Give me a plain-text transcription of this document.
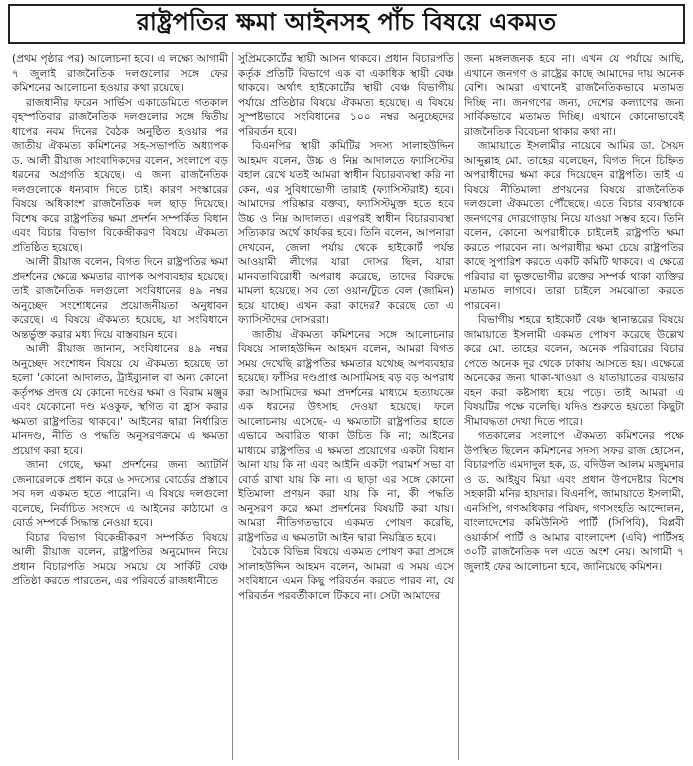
রাষ্ট্রপতির ক্ষমা আইনসহ পাঁচ বিষয়ে একমত

(প্রথম পৃষ্ঠার পর) আলোচনা হবে। এ লক্ষ্যে আগামী ৭ জুলাই রাজনৈতিক দলগুলোর সঙ্গে ফের কমিশনের আলোচনা হওয়ার কথা রয়েছে।

রাজধানীর ফরেন সার্ভিস একাডেমিতে গতকাল বৃহস্পতিবার রাজনৈতিক দলগুলোর সঙ্গে দ্বিতীয় ধাপের নবম দিনের বৈঠক অনুষ্ঠিত হওয়ার পর জাতীয় ঐকমত্য কমিশনের সহ-সভাপতি অধ্যাপক ড. আলী রীয়াজ সাংবাদিকদের বলেন, সংলাপে বড় ধরনের অগ্রগতি হয়েছে। এ জন্য রাজনৈতিক দলগুলোকে ধন্যবাদ দিতে চাই। কারণ সংস্কারের বিষয়ে অধিকাংশ রাজনৈতিক দল ছাড় দিয়েছে। বিশেষ করে রাষ্ট্রপতির ক্ষমা প্রদর্শন সম্পর্কিত বিধান এবং বিচার বিভাগ বিকেন্দ্রীকরণ বিষয়ে ঐকমত্য প্রতিষ্ঠিত হয়েছে।

আলী রীয়াজ বলেন, বিগত দিনে রাষ্ট্রপতির ক্ষমা প্রদর্শনের ক্ষেত্রে ক্ষমতার ব্যাপক অপব্যবহার হয়েছে। তাই রাজনৈতিক দলগুলো সংবিধানের ৪৯ নম্বর অনুচ্ছেদ সংশোধনের প্রয়োজনীয়তা অনুধাবন করেছে। এ বিষয়ে ঐকমত্য হয়েছে, যা সংবিধানে অন্তর্ভুক্ত করার মধ্য দিয়ে বাস্তবায়ন হবে।

আলী রীয়াজ জানান, সংবিধানের ৪৯ নম্বর অনুচ্ছেদ সংশোধন বিষয়ে যে ঐকমত্য হয়েছে তা হলো 'কোনো আদালত, ট্রাইব্যুনাল বা অন্য কোনো কর্তৃপক্ষ প্রদত্ত যে কোনো দণ্ডের ক্ষমা ও বিরাম মঞ্জুর এবং যেকোনো দণ্ড মওকুফ, স্থগিত বা হ্রাস করার ক্ষমতা রাষ্ট্রপতির থাকবে।' আইনের দ্বারা নির্ধারিত মানদণ্ড, নীতি ও পদ্ধতি অনুসরণক্রমে এ ক্ষমতা প্রয়োগ করা হবে।

জানা গেছে, ক্ষমা প্রদর্শনের জন্য অ্যাটর্নি জেনারেলকে প্রধান করে ৬ সদস্যের বোর্ডের প্রস্তাবে সব দল একমত হতে পারেনি। এ বিষয়ে দলগুলো বলেছে, নির্বাচিত সংসদে এ আইনের কাঠামো ও বোর্ড সম্পর্কে সিদ্ধান্ত নেওয়া হবে।

বিচার বিভাগ বিকেন্দ্রীকরণ সম্পর্কিত বিষয়ে আলী রীয়াজ বলেন, রাষ্ট্রপতির অনুমোদন নিয়ে প্রধান বিচারপতি সময়ে সময়ে যে সার্কিট বেঞ্চ প্রতিষ্ঠা করতে পারতেন, এর পরিবর্তে রাজধানীতে

সুপ্রিমকোর্টের স্থায়ী আসন থাকবে। প্রধান বিচারপতি কর্তৃক প্রতিটি বিভাগে এক বা একাধিক স্থায়ী বেঞ্চ থাকবে। অর্থাৎ হাইকোর্টের স্থায়ী বেঞ্চ বিভাগীয় পর্যায়ে প্রতিষ্ঠার বিষয়ে ঐকমত্য হয়েছে। এ বিষয়ে সুস্পষ্টভাবে সংবিধানের ১০০ নম্বর অনুচ্ছেদের পরিবর্তন হবে।

বিএনপির স্থায়ী কমিটির সদস্য সালাহউদ্দিন আহমদ বলেন, উচ্চ ও নিম্ন আদালতে ফ্যাসিস্টের বহাল রেখে যতই আমরা স্বাধীন বিচারব্যবস্থা করি না কেন, এর সুবিধাভোগী তারাই (ফ্যাসিস্টরাই) হবে। আমাদের পরিষ্কার বক্তব্য, ফ্যাসিস্টমুক্ত হতে হবে উচ্চ ও নিম্ন আদালত। এরপরই স্বাধীন বিচারব্যবস্থা সত্যিকার অর্থে কার্যকর হবে। তিনি বলেন, আপনারা দেখবেন, জেলা পর্যায় থেকে হাইকোর্ট পর্যন্ত আওয়ামী লীগের যারা দোসর ছিল, যারা মানবতাবিরোধী অপরাধ করেছে, তাদের বিরুদ্ধে মামলা হয়েছে। সব তো ওয়ান/টুতে বেল (জামিন) হয়ে যাচ্ছে। এখন করা কাদের? করেছে তো এ ফ্যাসিস্টদের দোসররা।

জাতীয় ঐকমত্য কমিশনের সঙ্গে আলোচনার বিষয়ে সালাহউদ্দিন আহমদ বলেন, আমরা বিগত সময় দেখেছি রাষ্ট্রপতির ক্ষমতার যথেচ্ছ অপব্যবহার হয়েছে। ফাঁসির দণ্ডপ্রাপ্ত আসামিসহ বড় বড় অপরাধ করা আসামিদের ক্ষমা প্রদর্শনের মাধ্যমে হত্যাযজ্ঞে এক ধরনের উৎসাহ দেওয়া হয়েছে। ফলে আলোচনায় এসেছে- এ ক্ষমতাটা রাষ্ট্রপতির হাতে এভাবে অবারিত থাকা উচিত কি না; আইনের মাধ্যমে রাষ্ট্রপতির এ ক্ষমতা প্রয়োগের একটা বিধান আনা যায় কি না এবং আইনি একটা পরামর্শ সভা বা বোর্ড রাখা যায় কি না। এ ছাড়া এর সঙ্গে কোনো ইতিমালা প্রণয়ন করা যায় কি না, কী পদ্ধতি অনুসরণ করে ক্ষমা প্রদর্শনের বিষয়টি করা যায়। আমরা নীতিগতভাবে একমত পোষণ করেছি, রাষ্ট্রপতির এ ক্ষমতাটা আইন দ্বারা নিয়ন্ত্রিত হবে।

বৈঠকে বিভিন্ন বিষয়ে একমত পোষণ করা প্রসঙ্গে সালাহউদ্দিন আহমদ বলেন, আমরা এ সময় এসে সংবিধানে এমন কিছু পরিবর্তন করতে পারব না, যে পরিবর্তন পরবর্তীকালে টিকবে না। সেটা আমাদের

জন্য মঙ্গলজনক হবে না। এখন যে পর্যায়ে আছি, এখানে জনগণ ও রাষ্ট্রের কাছে আমাদের দায় অনেক বেশি। আমরা এখানেই রাজনৈতিকভাবে মতামত দিচ্ছি না। জনগণের জন্য, দেশের কল্যাণের জন্য সার্বিকভাবে মতামত দিচ্ছি। এখানে কোনোভাবেই রাজনৈতিক বিবেচনা থাকার কথা না।

জামায়াতে ইসলামীর নায়েবে আমির ডা. সৈয়দ আব্দুল্লাহ মো. তাহের বলেছেন, বিগত দিনে চিহ্নিত অপরাধীদের ক্ষমা করে দিয়েছেন রাষ্ট্রপতি। তাই এ বিষয়ে নীতিমালা প্রণয়নের বিষয়ে রাজনৈতিক দলগুলো ঐকমত্যে পৌঁছেছে। এতে বিচার ব্যবস্থাকে জনগণের দোরগোড়ায় নিয়ে যাওয়া সম্ভব হবে। তিনি বলেন, কোনো অপরাধীকে চাইলেই রাষ্ট্রপতি ক্ষমা করতে পারবেন না। অপরাধীর ক্ষমা চেয়ে রাষ্ট্রপতির কাছে সুপারিশ করতে একটি কমিটি থাকবে। এ ক্ষেত্রে পরিবার বা ভুক্তভোগীর রক্তের সম্পর্ক থাকা ব্যক্তির মতামত লাগবে। তারা চাইলে সমঝোতা করতে পারবেন।

বিভাগীয় শহরে হাইকোর্ট বেঞ্চ স্থানান্তরের বিষয়ে জামায়াতে ইসলামী একমত পোষণ করেছে উল্লেখ করে মো. তাহের বলেন, অনেক পরিবারের বিচার পেতে অনেক দূর থেকে ঢাকায় আসতে হয়। এক্ষেত্রে অনেকের জন্য থাকা-খাওয়া ও যাতায়াতের ব্যয়ভার বহন করা কষ্টসাধ্য হয়ে পড়ে। তাই আমরা এ বিষয়টির পক্ষে বলেছি। যদিও শুরুতে হয়তো কিছুটা সীমাবদ্ধতা দেখা দিতে পারে।

গতকালের সংলাপে ঐকমত্য কমিশনের পক্ষে উপস্থিত ছিলেন কমিশনের সদস্য সফর রাজ হোসেন, বিচারপতি এমদাদুল হক, ড. বদিউল আলম মজুমদার ও ড. আইয়ুব মিয়া এবং প্রধান উপদেষ্টার বিশেষ সহকারী মনির হায়দার। বিএনপি, জামায়াতে ইসলামী, এনসিপি, গণঅধিকার পরিষদ, গণসংহতি আন্দোলন, বাংলাদেশের কমিউনিস্ট পার্টি (সিপিবি), বিপ্লবী ওয়ার্কার্স পার্টি ও আমার বাংলাদেশ (এবি) পার্টিসহ ৩০টি রাজনৈতিক দল এতে অংশ নেয়। আগামী ৭ জুলাই ফের আলোচনা হবে, জানিয়েছে কমিশন।
